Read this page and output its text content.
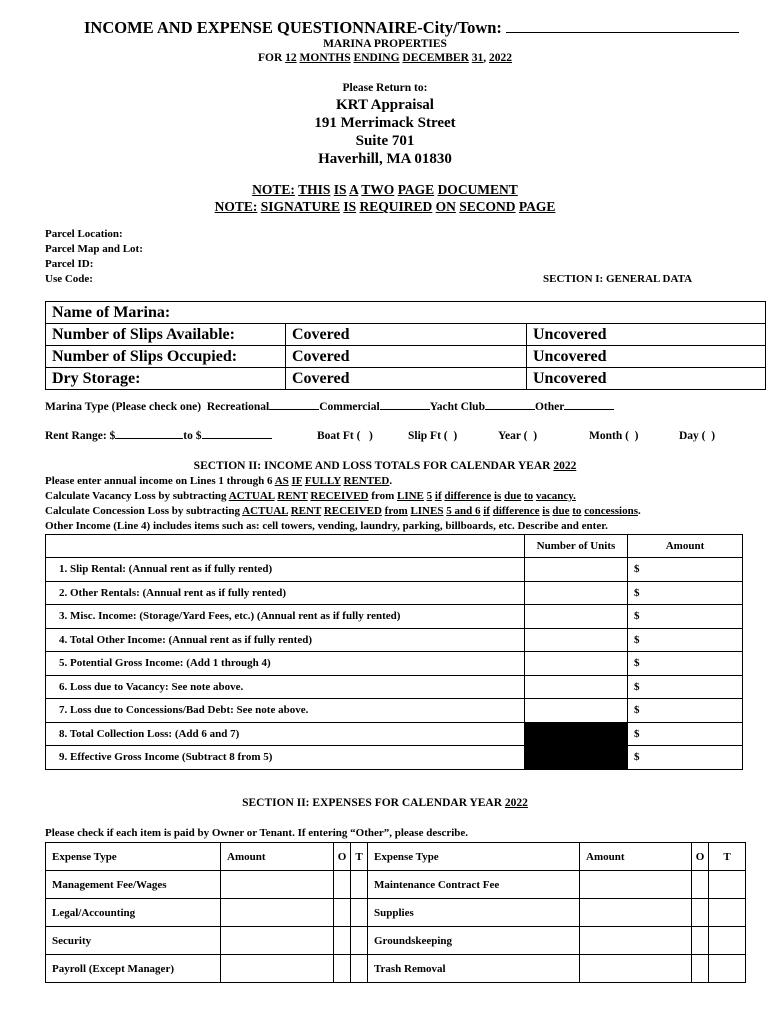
INCOME AND EXPENSE QUESTIONNAIRE-City/Town:
MARINA PROPERTIES
FOR 12 MONTHS ENDING DECEMBER 31, 2022
Please Return to:
KRT Appraisal
191 Merrimack Street
Suite 701
Haverhill, MA 01830
NOTE: THIS IS A TWO PAGE DOCUMENT
NOTE: SIGNATURE IS REQUIRED ON SECOND PAGE
Parcel Location:
Parcel Map and Lot:
Parcel ID:
Use Code:	SECTION I: GENERAL DATA
Name of Marina:		
Number of Slips Available:	Covered	Uncovered
Number of Slips Occupied:	Covered	Uncovered
Dry Storage:	Covered	Uncovered
Marina Type (Please check one) Recreational	Commercial	Yacht Club	Other
Rent Range: $	to $	Boat Ft (   )	Slip Ft (  )	Year (  )	Month (  )	Day (  )
SECTION II: INCOME AND LOSS TOTALS FOR CALENDAR YEAR 2022
Please enter annual income on Lines 1 through 6 AS IF FULLY RENTED.
Calculate Vacancy Loss by subtracting ACTUAL RENT RECEIVED from LINE 5 if difference is due to vacancy.
Calculate Concession Loss by subtracting ACTUAL RENT RECEIVED from LINES 5 and 6 if difference is due to concessions.
Other Income (Line 4) includes items such as: cell towers, vending, laundry, parking, billboards, etc. Describe and enter.
	Number of Units	Amount
1. Slip Rental: (Annual rent as if fully rented)		$
2. Other Rentals: (Annual rent as if fully rented)		$
3. Misc. Income: (Storage/Yard Fees, etc.) (Annual rent as if fully rented)		$
4. Total Other Income: (Annual rent as if fully rented)		$
5. Potential Gross Income: (Add 1 through 4)		$
6. Loss due to Vacancy: See note above.		$
7. Loss due to Concessions/Bad Debt: See note above.		$
8. Total Collection Loss: (Add 6 and 7)		$
9. Effective Gross Income (Subtract 8 from 5)		$
SECTION II: EXPENSES FOR CALENDAR YEAR 2022
Please check if each item is paid by Owner or Tenant. If entering “Other”, please describe.
Expense Type	Amount	O	T	Expense Type	Amount	O	T
Management Fee/Wages				Maintenance Contract Fee			
Legal/Accounting				Supplies			
Security				Groundskeeping			
Payroll (Except Manager)				Trash Removal			
